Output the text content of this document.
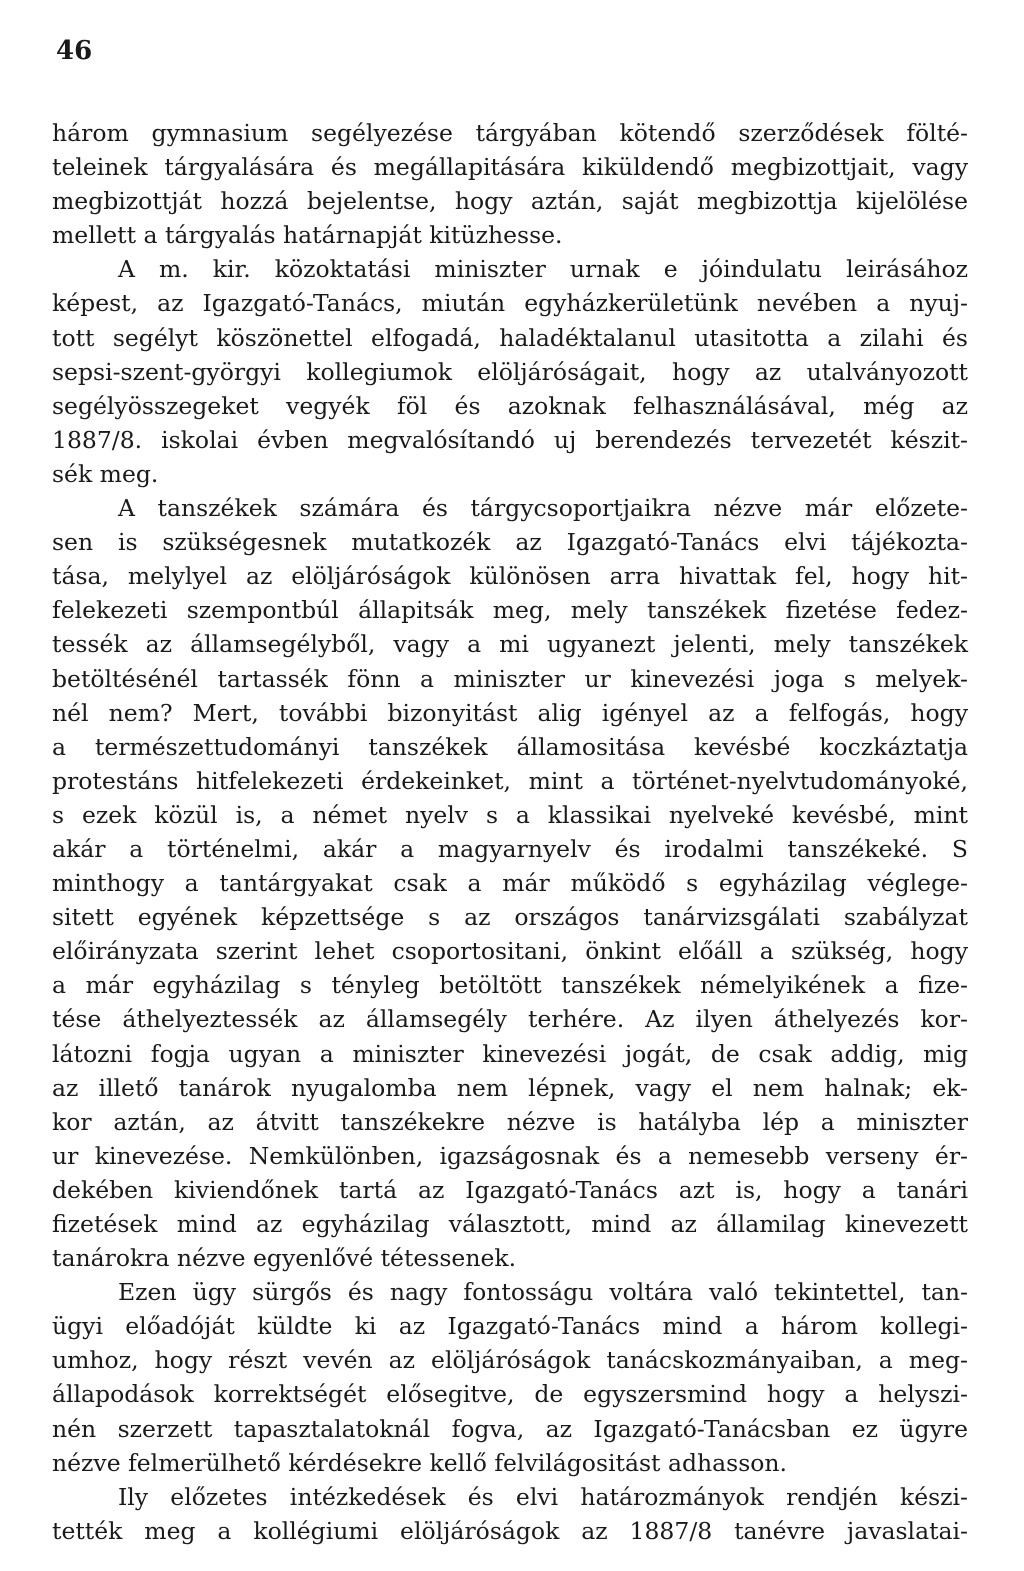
46
három gymnasium segélyezése tárgyában kötendő szerződések fölté-
teleinek tárgyalására és megállapitására kiküldendő megbizottjait, vagy
megbizottját hozzá bejelentse, hogy aztán, saját megbizottja kijelölése
mellett a tárgyalás határnapját kitüzhesse.
A m. kir. közoktatási miniszter urnak e jóindulatu leirásához
képest, az Igazgató-Tanács, miután egyházkerületünk nevében a nyuj-
tott segélyt köszönettel elfogadá, haladéktalanul utasitotta a zilahi és
sepsi-szent-györgyi kollegiumok elöljáróságait, hogy az utalványozott
segélyösszegeket vegyék föl és azoknak felhasználásával, még az
1887/8. iskolai évben megvalósítandó uj berendezés tervezetét készit-
sék meg.
A tanszékek számára és tárgycsoportjaikra nézve már előzete-
sen is szükségesnek mutatkozék az Igazgató-Tanács elvi tájékozta-
tása, melylyel az elöljáróságok különösen arra hivattak fel, hogy hit-
felekezeti szempontbúl állapitsák meg, mely tanszékek fizetése fedez-
tessék az államsegélyből, vagy a mi ugyanezt jelenti, mely tanszékek
betöltésénél tartassék fönn a miniszter ur kinevezési joga s melyek-
nél nem? Mert, további bizonyitást alig igényel az a felfogás, hogy
a természettudományi tanszékek államositása kevésbé koczkáztatja
protestáns hitfelekezeti érdekeinket, mint a történet-nyelvtudományoké,
s ezek közül is, a német nyelv s a klassikai nyelveké kevésbé, mint
akár a történelmi, akár a magyarnyelv és irodalmi tanszékeké. S
minthogy a tantárgyakat csak a már működő s egyházilag véglege-
sitett egyének képzettsége s az országos tanárvizsgálati szabályzat
előirányzata szerint lehet csoportositani, önkint előáll a szükség, hogy
a már egyházilag s tényleg betöltött tanszékek némelyikének a fize-
tése áthelyeztessék az államsegély terhére. Az ilyen áthelyezés kor-
látozni fogja ugyan a miniszter kinevezési jogát, de csak addig, mig
az illető tanárok nyugalomba nem lépnek, vagy el nem halnak; ek-
kor aztán, az átvitt tanszékekre nézve is hatályba lép a miniszter
ur kinevezése. Nemkülönben, igazságosnak és a nemesebb verseny ér-
dekében kiviendőnek tartá az Igazgató-Tanács azt is, hogy a tanári
fizetések mind az egyházilag választott, mind az államilag kinevezett
tanárokra nézve egyenlővé tétessenek.
Ezen ügy sürgős és nagy fontosságu voltára való tekintettel, tan-
ügyi előadóját küldte ki az Igazgató-Tanács mind a három kollegi-
umhoz, hogy részt vevén az elöljáróságok tanácskozmányaiban, a meg-
állapodások korrektségét elősegitve, de egyszersmind hogy a helyszi-
nén szerzett tapasztalatoknál fogva, az Igazgató-Tanácsban ez ügyre
nézve felmerülhető kérdésekre kellő felvilágositást adhasson.
Ily előzetes intézkedések és elvi határozmányok rendjén készi-
tették meg a kollégiumi elöljáróságok az 1887/8 tanévre javaslatai-
